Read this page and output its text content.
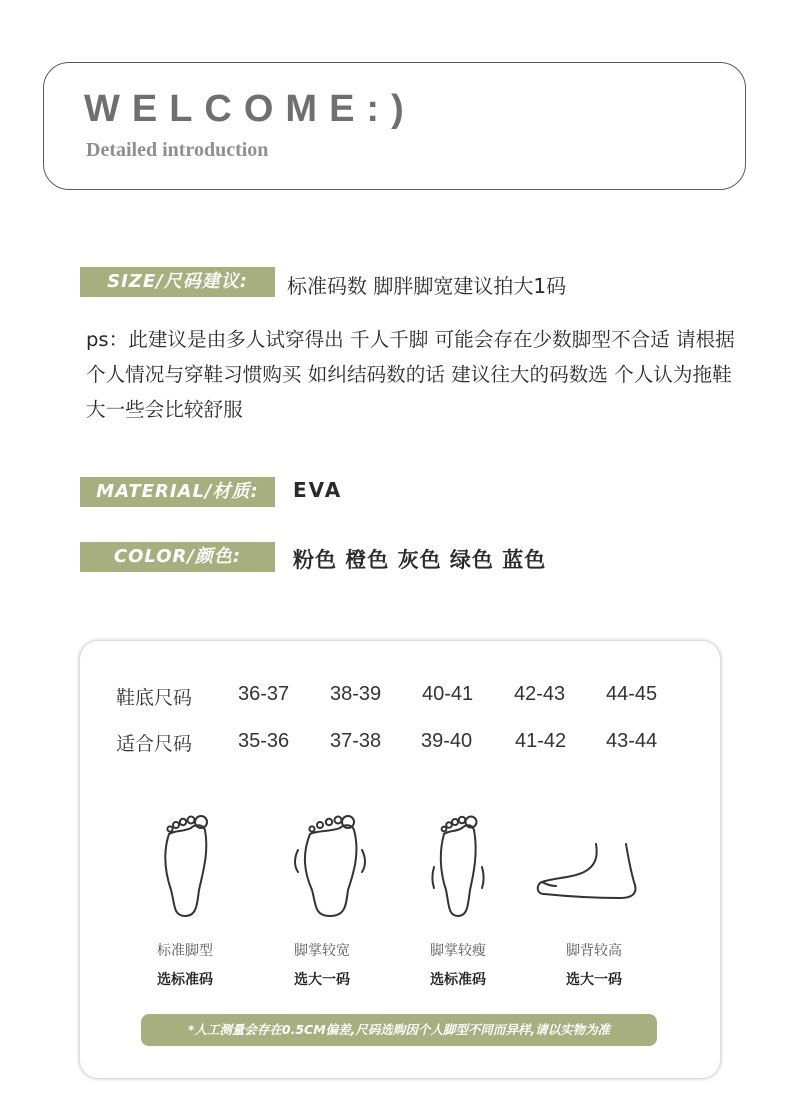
WELCOME:)
Detailed introduction
SIZE/尺码建议:	标准码数 脚胖脚宽建议拍大1码
ps：此建议是由多人试穿得出 千人千脚 可能会存在少数脚型不合适 请根据个人情况与穿鞋习惯购买 如纠结码数的话 建议往大的码数选 个人认为拖鞋大一些会比较舒服
MATERIAL/材质:	EVA
COLOR/颜色:	粉色 橙色 灰色 绿色 蓝色
鞋底尺码 36-37 38-39 40-41 42-43 44-45
适合尺码 35-36 37-38 39-40 41-42 43-44
标准脚型	脚掌较宽	脚掌较瘦	脚背较高
选标准码	选大一码	选标准码	选大一码
*人工测量会存在0.5CM偏差,尺码选购因个人脚型不同而异样,请以实物为准
